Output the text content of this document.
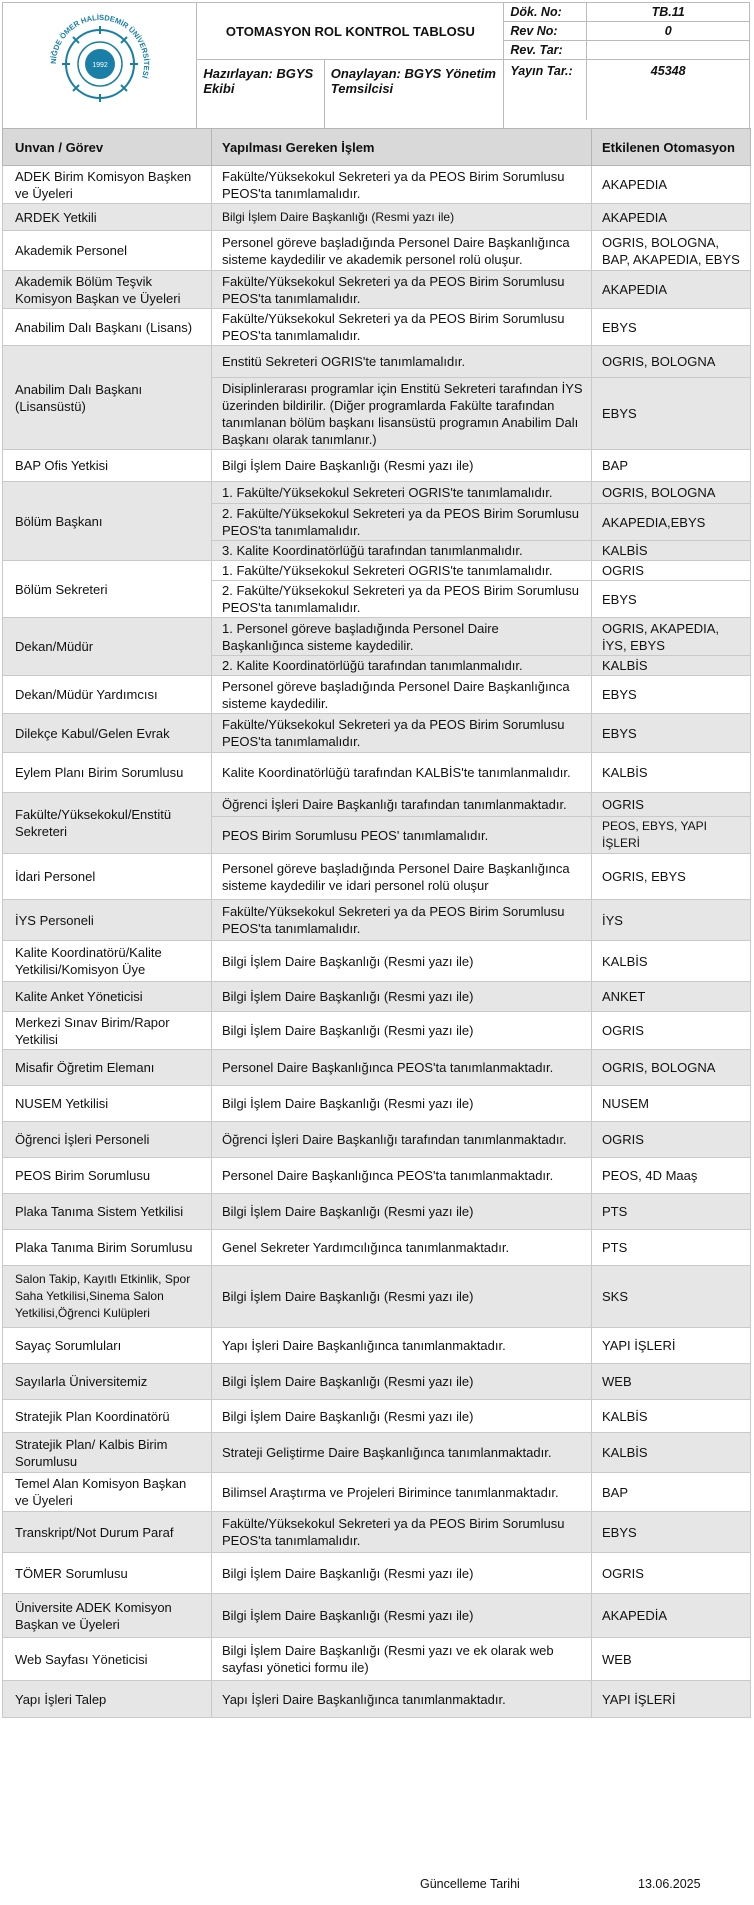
NİĞDE ÖMER HALİSDEMİR ÜNİVERSİTESİ
1992
	OTOMASYON ROL KONTROL TABLOSU	
Dök. No:	TB.11
Rev No:	0
Rev. Tar:	

Hazırlayan: BGYS Ekibi	Onaylayan: BGYS Yönetim Temsilcisi	
Yayın Tar.:	45348

Unvan / Görev	Yapılması Gereken İşlem	Etkilenen Otomasyon
ADEK Birim Komisyon Başken ve Üyeleri	Fakülte/Yüksekokul Sekreteri ya da PEOS Birim Sorumlusu PEOS'ta tanımlamalıdır.	AKAPEDIA
ARDEK Yetkili	Bilgi İşlem Daire Başkanlığı (Resmi yazı ile)	AKAPEDIA
Akademik Personel	Personel göreve başladığında Personel Daire Başkanlığınca sisteme kaydedilir ve akademik personel rolü oluşur.	OGRIS, BOLOGNA, BAP, AKAPEDIA, EBYS
Akademik Bölüm Teşvik Komisyon Başkan ve Üyeleri	Fakülte/Yüksekokul Sekreteri ya da PEOS Birim Sorumlusu PEOS'ta tanımlamalıdır.	AKAPEDIA
Anabilim Dalı Başkanı (Lisans)	Fakülte/Yüksekokul Sekreteri ya da PEOS Birim Sorumlusu PEOS'ta tanımlamalıdır.	EBYS
Anabilim Dalı Başkanı (Lisansüstü)	Enstitü Sekreteri OGRIS'te tanımlamalıdır.	OGRIS, BOLOGNA
	Disiplinlerarası programlar için Enstitü Sekreteri tarafından İYS üzerinden bildirilir. (Diğer programlarda Fakülte tarafından tanımlanan bölüm başkanı lisansüstü programın Anabilim Dalı Başkanı olarak tanımlanır.)	EBYS
BAP Ofis Yetkisi	Bilgi İşlem Daire Başkanlığı (Resmi yazı ile)	BAP
Bölüm Başkanı	1. Fakülte/Yüksekokul Sekreteri OGRIS'te tanımlamalıdır.	OGRIS, BOLOGNA
	2. Fakülte/Yüksekokul Sekreteri ya da PEOS Birim Sorumlusu PEOS'ta tanımlamalıdır.	AKAPEDIA,EBYS
	3. Kalite Koordinatörlüğü tarafından tanımlanmalıdır.	KALBİS
Bölüm Sekreteri	1. Fakülte/Yüksekokul Sekreteri OGRIS'te tanımlamalıdır.	OGRIS
	2. Fakülte/Yüksekokul Sekreteri ya da PEOS Birim Sorumlusu PEOS'ta tanımlamalıdır.	EBYS
Dekan/Müdür	1. Personel göreve başladığında Personel Daire Başkanlığınca sisteme kaydedilir.	OGRIS, AKAPEDIA, İYS, EBYS
	2. Kalite Koordinatörlüğü tarafından tanımlanmalıdır.	KALBİS
Dekan/Müdür Yardımcısı	Personel göreve başladığında Personel Daire Başkanlığınca sisteme kaydedilir.	EBYS
Dilekçe Kabul/Gelen Evrak	Fakülte/Yüksekokul Sekreteri ya da PEOS Birim Sorumlusu PEOS'ta tanımlamalıdır.	EBYS
Eylem Planı Birim Sorumlusu	Kalite Koordinatörlüğü tarafından KALBİS'te tanımlanmalıdır.	KALBİS
Fakülte/Yüksekokul/Enstitü Sekreteri	Öğrenci İşleri Daire Başkanlığı tarafından tanımlanmaktadır.	OGRIS
	PEOS Birim Sorumlusu PEOS' tanımlamalıdır.	PEOS, EBYS, YAPI İŞLERİ
İdari Personel	Personel göreve başladığında Personel Daire Başkanlığınca sisteme kaydedilir ve idari personel rolü oluşur	OGRIS, EBYS
İYS Personeli	Fakülte/Yüksekokul Sekreteri ya da PEOS Birim Sorumlusu PEOS'ta tanımlamalıdır.	İYS
Kalite Koordinatörü/Kalite Yetkilisi/Komisyon Üye	Bilgi İşlem Daire Başkanlığı (Resmi yazı ile)	KALBİS
Kalite Anket Yöneticisi	Bilgi İşlem Daire Başkanlığı (Resmi yazı ile)	ANKET
Merkezi Sınav Birim/Rapor Yetkilisi	Bilgi İşlem Daire Başkanlığı (Resmi yazı ile)	OGRIS
Misafir Öğretim Elemanı	Personel Daire Başkanlığınca PEOS'ta tanımlanmaktadır.	OGRIS, BOLOGNA
NUSEM Yetkilisi	Bilgi İşlem Daire Başkanlığı (Resmi yazı ile)	NUSEM
Öğrenci İşleri Personeli	Öğrenci İşleri Daire Başkanlığı tarafından tanımlanmaktadır.	OGRIS
PEOS Birim Sorumlusu	Personel Daire Başkanlığınca PEOS'ta tanımlanmaktadır.	PEOS, 4D Maaş
Plaka Tanıma Sistem Yetkilisi	Bilgi İşlem Daire Başkanlığı (Resmi yazı ile)	PTS
Plaka Tanıma Birim Sorumlusu	Genel Sekreter Yardımcılığınca tanımlanmaktadır.	PTS
Salon Takip, Kayıtlı Etkinlik, Spor Saha Yetkilisi,Sinema Salon Yetkilisi,Öğrenci Kulüpleri	Bilgi İşlem Daire Başkanlığı (Resmi yazı ile)	SKS
Sayaç Sorumluları	Yapı İşleri Daire Başkanlığınca tanımlanmaktadır.	YAPI İŞLERİ
Sayılarla Üniversitemiz	Bilgi İşlem Daire Başkanlığı (Resmi yazı ile)	WEB
Stratejik Plan Koordinatörü	Bilgi İşlem Daire Başkanlığı (Resmi yazı ile)	KALBİS
Stratejik Plan/ Kalbis Birim Sorumlusu	Strateji Geliştirme Daire Başkanlığınca tanımlanmaktadır.	KALBİS
Temel Alan Komisyon Başkan ve Üyeleri	Bilimsel Araştırma ve Projeleri Birimince tanımlanmaktadır.	BAP
Transkript/Not Durum Paraf	Fakülte/Yüksekokul Sekreteri ya da PEOS Birim Sorumlusu PEOS'ta tanımlamalıdır.	EBYS
TÖMER Sorumlusu	Bilgi İşlem Daire Başkanlığı (Resmi yazı ile)	OGRIS
Üniversite ADEK Komisyon Başkan ve Üyeleri	Bilgi İşlem Daire Başkanlığı (Resmi yazı ile)	AKAPEDİA
Web Sayfası Yöneticisi	Bilgi İşlem Daire Başkanlığı (Resmi yazı ve ek olarak web sayfası yönetici formu ile)	WEB
Yapı İşleri Talep	Yapı İşleri Daire Başkanlığınca tanımlanmaktadır.	YAPI İŞLERİ
Güncelleme Tarihi	13.06.2025
